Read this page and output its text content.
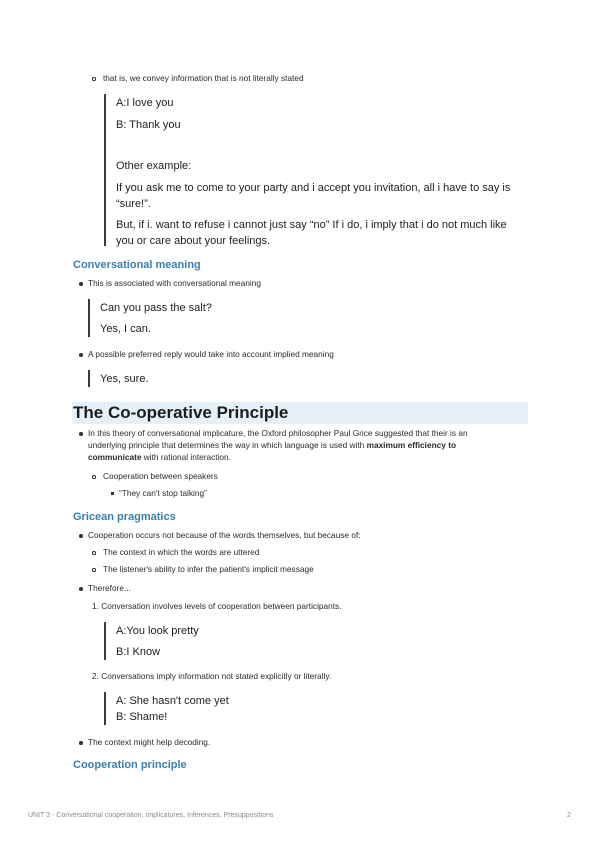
that is, we convey information that is not literally stated
A:I love you
B: Thank you
Other example:
If you ask me to come to your party and i accept you invitation, all i have to say is
“sure!”.
But, if i. want to refuse i cannot just say “no” If i do, i imply that i do not much like
you or care about your feelings.
Conversational meaning
This is associated with conversational meaning
Can you pass the salt?
Yes, I can.
A possible preferred reply would take into account implied meaning
Yes, sure.
The Co-operative Principle
In this theory of conversational implicature, the Oxford philosopher Paul Grice suggested that their is an
underlying principle that determines the way in which language is used with maximum efficiency to
communicate with rational interaction.
Cooperation between speakers
“They can't stop talking”
Gricean pragmatics
Cooperation occurs not because of the words themselves, but because of:
The context in which the words are uttered
The listener's ability to infer the patient's implicit message
Therefore...
1. Conversation involves levels of cooperation between participants.
A:You look pretty
B:I Know
2. Conversations imply information not stated explicitly or literally.
A: She hasn't come yet
B: Shame!
The context might help decoding.
Cooperation principle
UNIT 3 - Conversational cooperation, Implicatures, Inferences, Presuppositions	2
